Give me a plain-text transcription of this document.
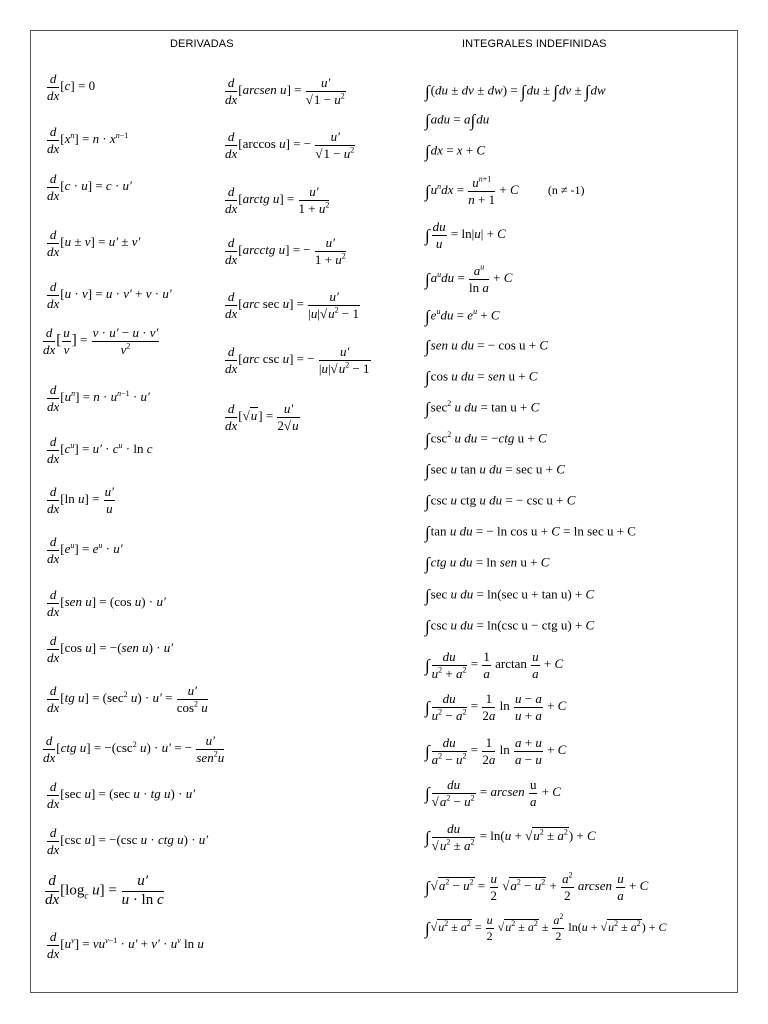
DERIVADAS	INTEGRALES INDEFINIDAS
$\frac{d}{dx} [c] = 0$
$\frac{d}{dx} [x^n] = n \cdot x^{n-1}$
$\frac{d}{dx} [c \cdot u] = c \cdot u'$
$\frac{d}{dx} [u \pm v] = u' \pm v'$
$\frac{d}{dx} [u \cdot v] = u \cdot v' + v \cdot u'$
$\frac{d}{dx}$ [ $\frac{u}{v}$ ] = $\frac{v \cdot u' - u \cdot v'}{v^2}$
$\frac{d}{dx} [u^n] = n \cdot u^{n-1} \cdot u'$
$\frac{d}{dx} [c^u] = u' \cdot c^u \cdot \ln c$
$\frac{d}{dx} [\ln$ $u] = \frac{u'}{u}$
$\frac{d}{dx} [e^u] = e^u \cdot u'$
$\frac{d}{dx} [sen$ u] = (cos u) · u′
$\frac{d}{dx} [\cos$ u] = −(sen u) · u′
$\frac{d}{dx} [tg$ $u] = (\sec^2$ $u) \cdot u' = \frac{u'}{\cos^2 u}$
$\frac{d}{dx} [ctg$ $u] = -(\csc^2$ u) · u′ = − $\frac{u'}{sen^2u}$
$\frac{d}{dx} [\sec$ u] = (sec u · tg u) · u′
$\frac{d}{dx} [\csc$ u] = −(csc u · ctg u) · u′
$\frac{d}{dx} [\log_c$ $u] = \frac{u'}{\text{u · ln c}}$
$\frac{d}{dx} [u^v] = vu^{v-1} \cdot u' + v' \cdot u^v$ ln u
$\frac{d}{dx}$ [arcsen $u] = \frac{u'}{√1 - u^2}$
$\frac{d}{dx} [\arccos$ u] = − $\frac{u'}{√1 - u^2}$
$\frac{d}{dx}$ [arctg $u] = \frac{u'}{1 + u^2}$
$\frac{d}{dx}$ [arcctg u] = − $\frac{u'}{1 + u^2}$
$\frac{d}{dx} [arc$ $\sec u] = \frac{u'}{|u|√u^2 - 1}$
$\frac{d}{dx} [arc$ csc u] = − $\frac{u'}{|u|√u^2 - 1}$
$\frac{d}{dx} [√u] = \frac{u'}{2√u}$
∫(du ± dv ± dw) = ∫du ± ∫dv ± ∫dw
∫adu = a∫du
∫dx = x + C
$\int u^ndx = \frac{u^{n+1}}{n + 1} + C$ (n ≠ -1)
∫ $\frac{du}{u} = \ln|u| + C$
$\int a^udu = \frac{a^u}{\text{ln a}} + C$
$\int e^udu = e^u + C$
∫sen u du = − cos u + C
∫cos u du = sen u + C
$\int\sec^2$ u du = tan u + C
$\int\csc^2$ u du = −ctg u + C
∫sec u tan u du = sec u + C
∫csc u ctg u du = − csc u + C
∫tan u du = − ln cos u + C = ln sec u + C
∫ctg u du = ln sen u + C
∫sec u du = ln(sec u + tan u) + C
∫csc u du = ln(csc u − ctg u) + C
∫ $\frac{du}{u^2 + a^2} = \frac{1}{a}$ $\arctan \frac{u}{a} + C$
∫ $\frac{du}{u^2 - a^2} = \frac{1}{2a}$ $\ln \frac{u - a}{u + a} + C$
∫ $\frac{du}{a^2 - u^2} = \frac{1}{2a}$ $\ln \frac{a + u}{a - u} + C$
∫ $\frac{du}{√a^2 - u^2}$ = arcsen $\frac{u}{a} + C$
∫ $\frac{du}{√u^2 \pm a^2} = \ln(u + √u^2 \pm a^2) + C$
$\int√a^2 - u^2 = \frac{u}{2} √a^2 - u^2 + \frac{a^2}{2}$ arcsen $\frac{u}{a} + C$
$\int√u^2 \pm a^2 = \frac{u}{2} √u^2 \pm a^2 \pm \frac{a^2}{2} \ln(u + √u^2 \pm a^2) + C$
